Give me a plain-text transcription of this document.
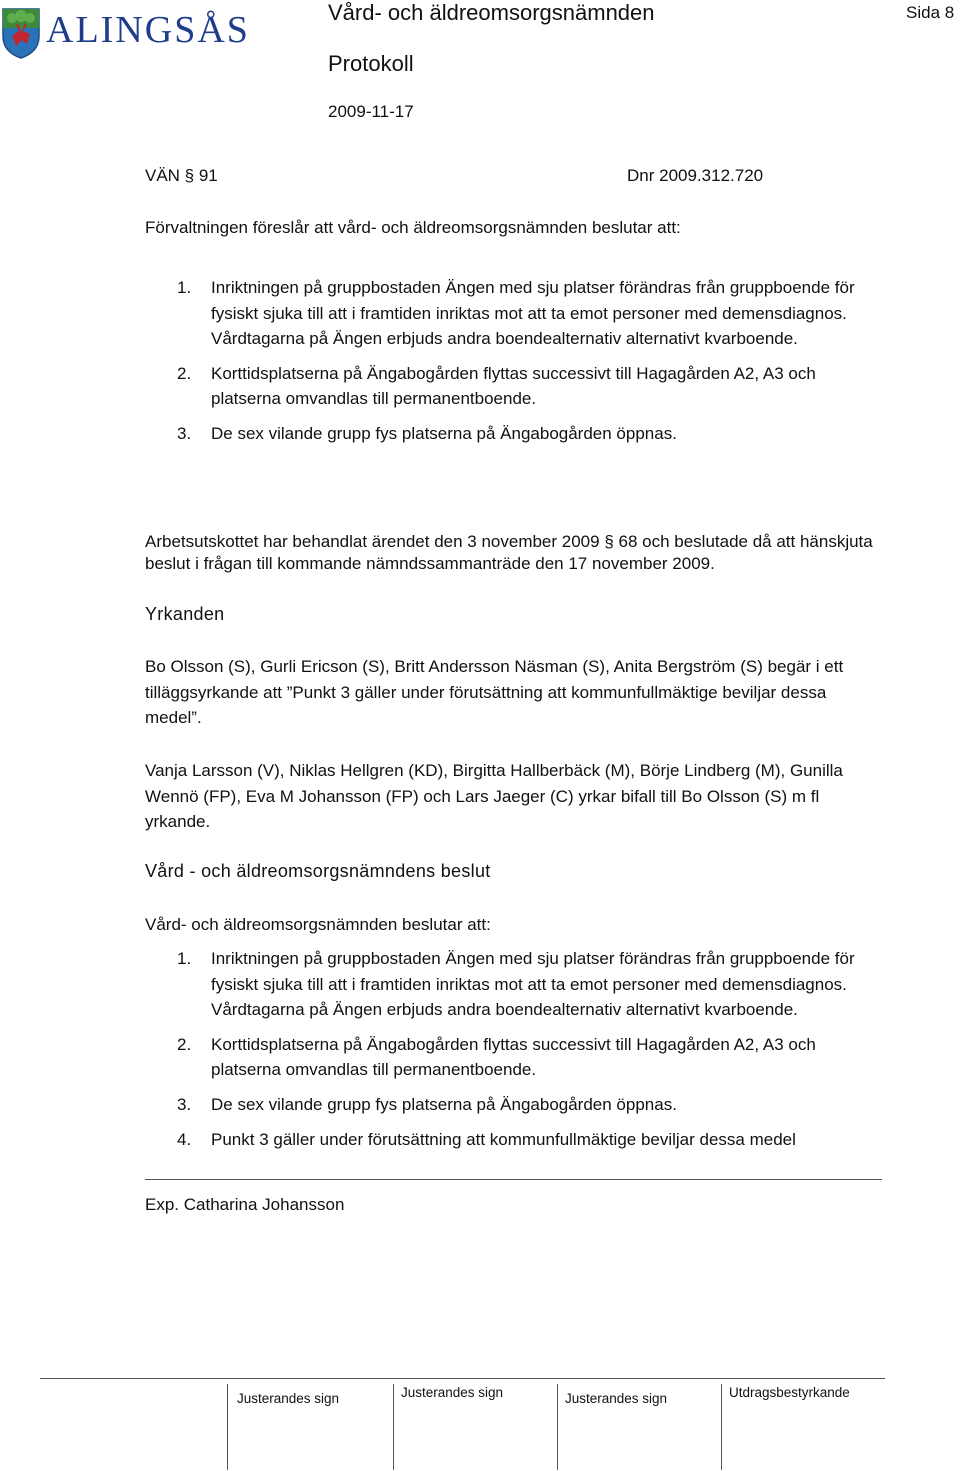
ALINGSÅS	Vård- och äldreomsorgsnämnden
Protokoll
2009-11-17
Sida 8
VÄN § 91	Dnr 2009.312.720
Förvaltningen föreslår att vård- och äldreomsorgsnämnden beslutar att:
1. Inriktningen på gruppbostaden Ängen med sju platser förändras från gruppboende för fysiskt sjuka till att i framtiden inriktas mot att ta emot personer med demensdiagnos. Vårdtagarna på Ängen erbjuds andra boendealternativ alternativt kvarboende.
2. Korttidsplatserna på Ängabogården flyttas successivt till Hagagården A2, A3 och platserna omvandlas till permanentboende.
3. De sex vilande grupp fys platserna på Ängabogården öppnas.
Arbetsutskottet har behandlat ärendet den 3 november 2009 § 68 och beslutade då att hänskjuta beslut i frågan till kommande nämndssammanträde den 17 november 2009.
Yrkanden
Bo Olsson (S), Gurli Ericson (S), Britt Andersson Näsman (S), Anita Bergström (S) begär i ett tilläggsyrkande att ”Punkt 3 gäller under förutsättning att kommunfullmäktige beviljar dessa medel”.
Vanja Larsson (V), Niklas Hellgren (KD), Birgitta Hallberbäck (M), Börje Lindberg (M), Gunilla Wennö (FP), Eva M Johansson (FP) och Lars Jaeger (C) yrkar bifall till Bo Olsson (S) m fl yrkande.
Vård - och äldreomsorgsnämndens beslut
Vård- och äldreomsorgsnämnden beslutar att:
1. Inriktningen på gruppbostaden Ängen med sju platser förändras från gruppboende för fysiskt sjuka till att i framtiden inriktas mot att ta emot personer med demensdiagnos. Vårdtagarna på Ängen erbjuds andra boendealternativ alternativt kvarboende.
2. Korttidsplatserna på Ängabogården flyttas successivt till Hagagården A2, A3 och platserna omvandlas till permanentboende.
3. De sex vilande grupp fys platserna på Ängabogården öppnas.
4. Punkt 3 gäller under förutsättning att kommunfullmäktige beviljar dessa medel
Exp. Catharina Johansson
Justerandes sign	Justerandes sign	Justerandes sign	Utdragsbestyrkande
